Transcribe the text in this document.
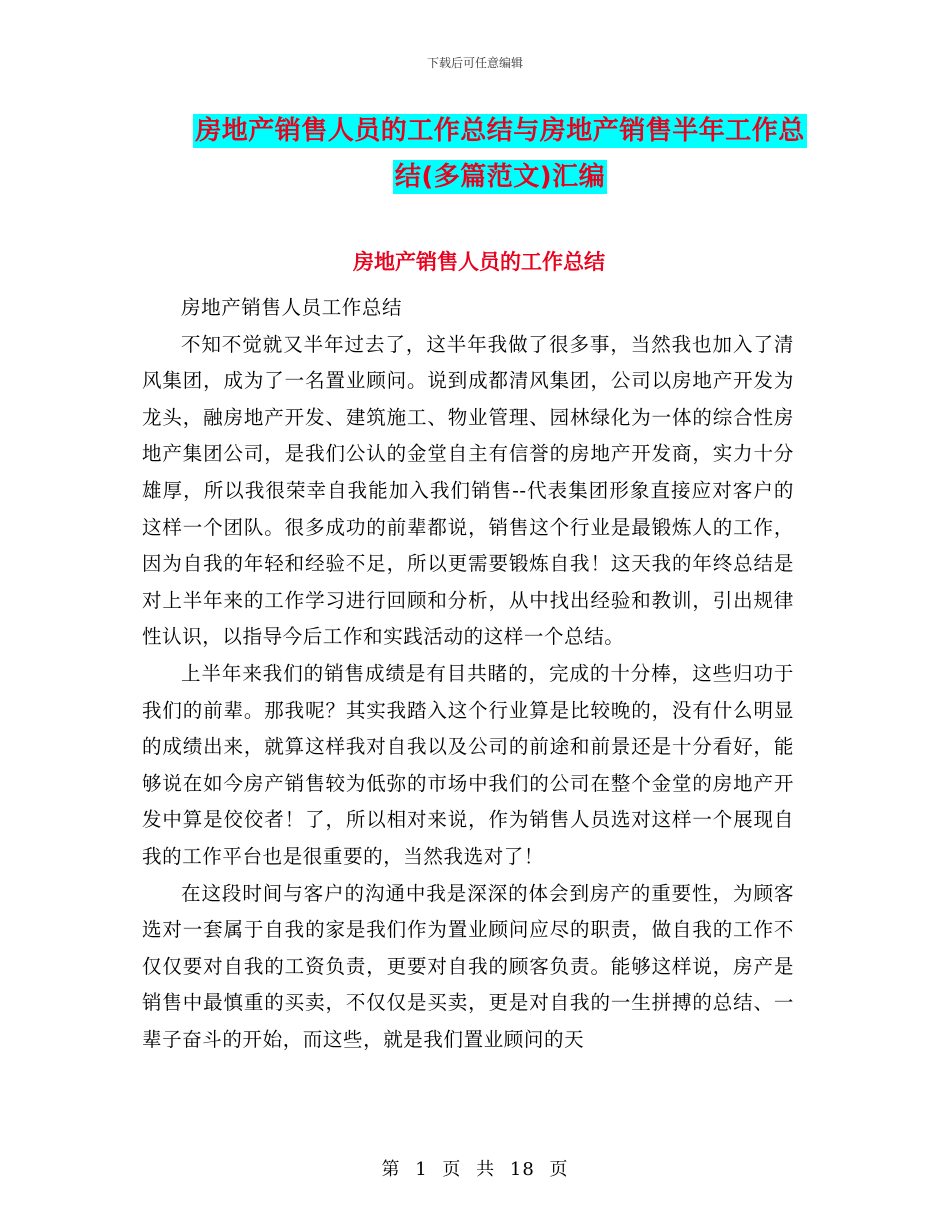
下载后可任意编辑
房地产销售人员的工作总结与房地产销售半年工作总
结(多篇范文)汇编
房地产销售人员的工作总结

房地产销售人员工作总结

不知不觉就又半年过去了，这半年我做了很多事，当然我也加入了清风集团，成为了一名置业顾问。说到成都清风集团，公司以房地产开发为龙头，融房地产开发、建筑施工、物业管理、园林绿化为一体的综合性房地产集团公司，是我们公认的金堂自主有信誉的房地产开发商，实力十分雄厚，所以我很荣幸自我能加入我们销售--代表集团形象直接应对客户的这样一个团队。很多成功的前辈都说，销售这个行业是最锻炼人的工作，因为自我的年轻和经验不足，所以更需要锻炼自我！这天我的年终总结是对上半年来的工作学习进行回顾和分析，从中找出经验和教训，引出规律性认识，以指导今后工作和实践活动的这样一个总结。

上半年来我们的销售成绩是有目共睹的，完成的十分棒，这些归功于我们的前辈。那我呢？其实我踏入这个行业算是比较晚的，没有什么明显的成绩出来，就算这样我对自我以及公司的前途和前景还是十分看好，能够说在如今房产销售较为低弥的市场中我们的公司在整个金堂的房地产开发中算是佼佼者！了，所以相对来说，作为销售人员选对这样一个展现自我的工作平台也是很重要的，当然我选对了！

在这段时间与客户的沟通中我是深深的体会到房产的重要性，为顾客选对一套属于自我的家是我们作为置业顾问应尽的职责，做自我的工作不仅仅要对自我的工资负责，更要对自我的顾客负责。能够这样说，房产是销售中最慎重的买卖，不仅仅是买卖，更是对自我的一生拼搏的总结、一辈子奋斗的开始，而这些，就是我们置业顾问的天

第 1 页 共 18 页
